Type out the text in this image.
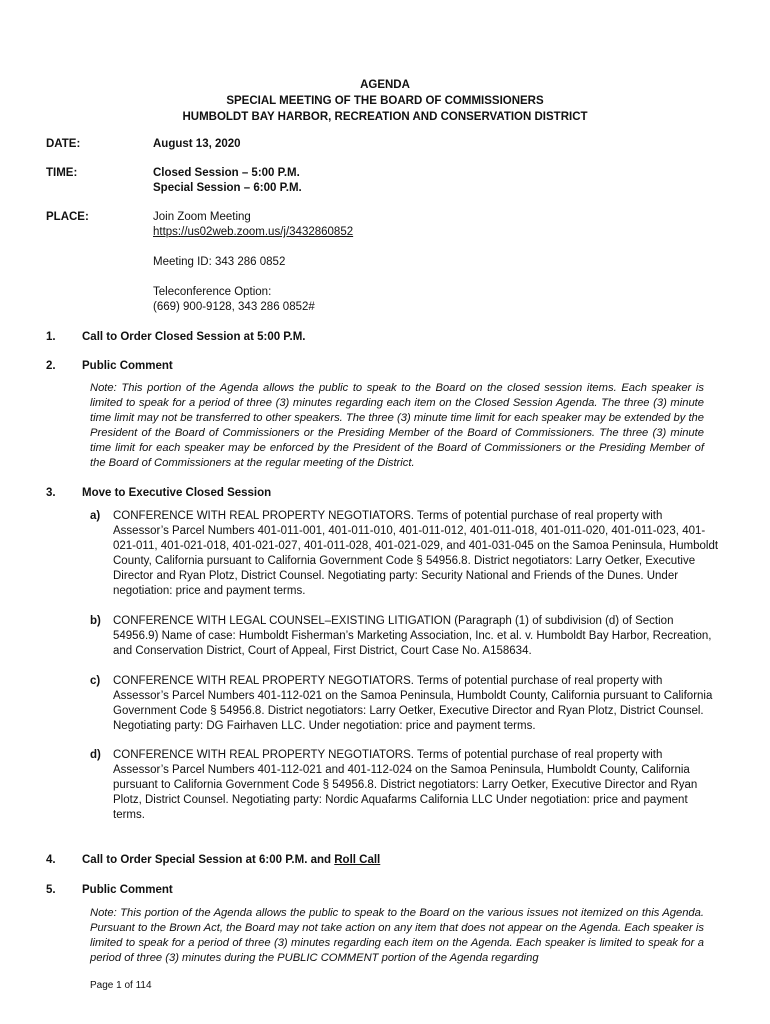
AGENDA
SPECIAL MEETING OF THE BOARD OF COMMISSIONERS
HUMBOLDT BAY HARBOR, RECREATION AND CONSERVATION DISTRICT
DATE:	August 13, 2020
TIME:	Closed Session – 5:00 P.M.
Special Session – 6:00 P.M.
PLACE:	Join Zoom Meeting
https://us02web.zoom.us/j/3432860852
Meeting ID: 343 286 0852
Teleconference Option:
(669) 900-9128, 343 286 0852#
1. Call to Order Closed Session at 5:00 P.M.
2. Public Comment
Note: This portion of the Agenda allows the public to speak to the Board on the closed session items. Each speaker is limited to speak for a period of three (3) minutes regarding each item on the Closed Session Agenda. The three (3) minute time limit may not be transferred to other speakers. The three (3) minute time limit for each speaker may be extended by the President of the Board of Commissioners or the Presiding Member of the Board of Commissioners. The three (3) minute time limit for each speaker may be enforced by the President of the Board of Commissioners or the Presiding Member of the Board of Commissioners at the regular meeting of the District.
3. Move to Executive Closed Session
a) CONFERENCE WITH REAL PROPERTY NEGOTIATORS. Terms of potential purchase of real property with Assessor’s Parcel Numbers 401-011-001, 401-011-010, 401-011-012, 401-011-018, 401-011-020, 401-011-023, 401-021-011, 401-021-018, 401-021-027, 401-011-028, 401-021-029, and 401-031-045 on the Samoa Peninsula, Humboldt County, California pursuant to California Government Code § 54956.8. District negotiators: Larry Oetker, Executive Director and Ryan Plotz, District Counsel. Negotiating party: Security National and Friends of the Dunes. Under negotiation: price and payment terms.
b) CONFERENCE WITH LEGAL COUNSEL–EXISTING LITIGATION (Paragraph (1) of subdivision (d) of Section 54956.9) Name of case: Humboldt Fisherman’s Marketing Association, Inc. et al. v. Humboldt Bay Harbor, Recreation, and Conservation District, Court of Appeal, First District, Court Case No. A158634.
c) CONFERENCE WITH REAL PROPERTY NEGOTIATORS. Terms of potential purchase of real property with Assessor’s Parcel Numbers 401-112-021 on the Samoa Peninsula, Humboldt County, California pursuant to California Government Code § 54956.8. District negotiators: Larry Oetker, Executive Director and Ryan Plotz, District Counsel. Negotiating party: DG Fairhaven LLC. Under negotiation: price and payment terms.
d) CONFERENCE WITH REAL PROPERTY NEGOTIATORS. Terms of potential purchase of real property with Assessor’s Parcel Numbers 401-112-021 and 401-112-024 on the Samoa Peninsula, Humboldt County, California pursuant to California Government Code § 54956.8. District negotiators: Larry Oetker, Executive Director and Ryan Plotz, District Counsel. Negotiating party: Nordic Aquafarms California LLC Under negotiation: price and payment terms.
4. Call to Order Special Session at 6:00 P.M. and Roll Call
5. Public Comment
Note: This portion of the Agenda allows the public to speak to the Board on the various issues not itemized on this Agenda. Pursuant to the Brown Act, the Board may not take action on any item that does not appear on the Agenda. Each speaker is limited to speak for a period of three (3) minutes regarding each item on the Agenda. Each speaker is limited to speak for a period of three (3) minutes during the PUBLIC COMMENT portion of the Agenda regarding
Page 1 of 114
